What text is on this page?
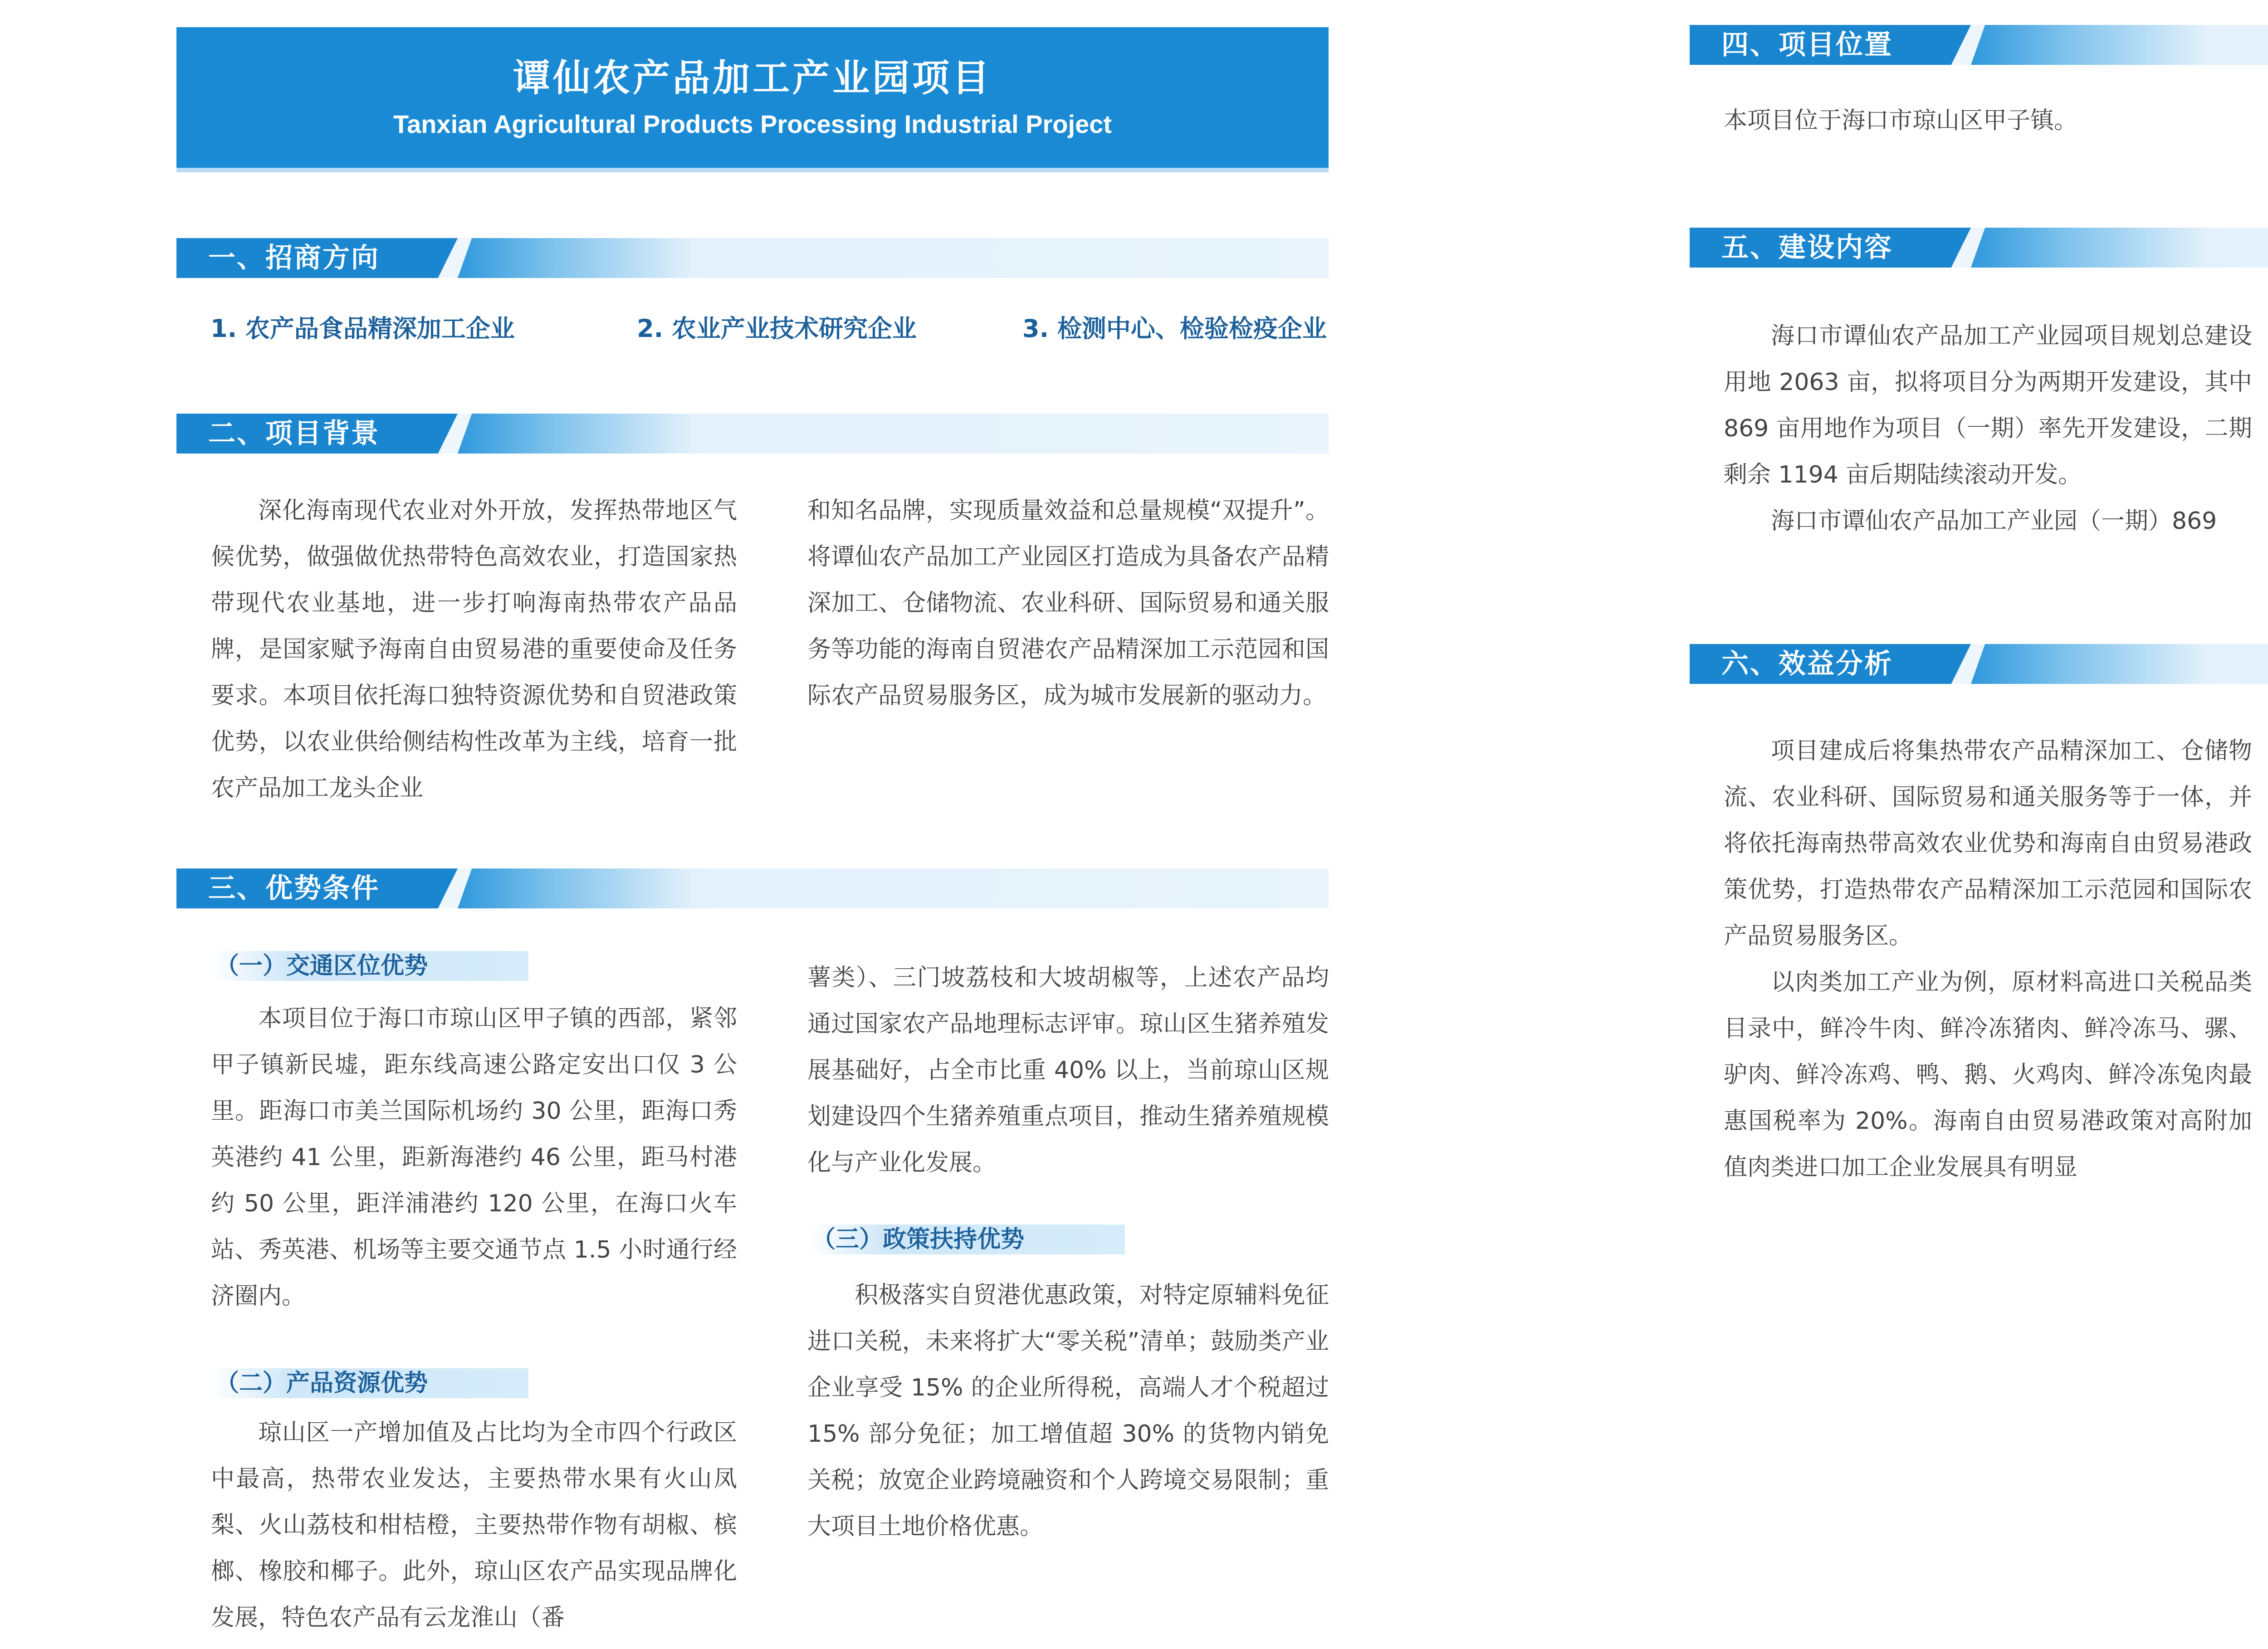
谭仙农产品加工产业园项目
Tanxian Agricultural Products Processing Industrial Project
一、招商方向
1. 农产品食品精深加工企业	2. 农业产业技术研究企业	3. 检测中心、检验检疫企业
二、项目背景

深化海南现代农业对外开放，发挥热带地区气候优势，做强做优热带特色高效农业，打造国家热带现代农业基地，进一步打响海南热带农产品品牌，是国家赋予海南自由贸易港的重要使命及任务要求。本项目依托海口独特资源优势和自贸港政策优势，以农业供给侧结构性改革为主线，培育一批农产品加工龙头企业

和知名品牌，实现质量效益和总量规模“双提升”。将谭仙农产品加工产业园区打造成为具备农产品精深加工、仓储物流、农业科研、国际贸易和通关服务等功能的海南自贸港农产品精深加工示范园和国际农产品贸易服务区，成为城市发展新的驱动力。

三、优势条件
（一）交通区位优势

本项目位于海口市琼山区甲子镇的西部，紧邻甲子镇新民墟，距东线高速公路定安出口仅 3 公里。距海口市美兰国际机场约 30 公里，距海口秀英港约 41 公里，距新海港约 46 公里，距马村港约 50 公里，距洋浦港约 120 公里，在海口火车站、秀英港、机场等主要交通节点 1.5 小时通行经济圈内。

（二）产品资源优势

琼山区一产增加值及占比均为全市四个行政区中最高，热带农业发达，主要热带水果有火山凤梨、火山荔枝和柑桔橙，主要热带作物有胡椒、槟榔、橡胶和椰子。此外，琼山区农产品实现品牌化发展，特色农产品有云龙淮山（番

薯类）、三门坡荔枝和大坡胡椒等，上述农产品均通过国家农产品地理标志评审。琼山区生猪养殖发展基础好，占全市比重 40% 以上，当前琼山区规划建设四个生猪养殖重点项目，推动生猪养殖规模化与产业化发展。

（三）政策扶持优势

积极落实自贸港优惠政策，对特定原辅料免征进口关税，未来将扩大“零关税”清单；鼓励类产业企业享受 15% 的企业所得税，高端人才个税超过 15% 部分免征；加工增值超 30% 的货物内销免关税；放宽企业跨境融资和个人跨境交易限制；重大项目土地价格优惠。

四、项目位置

本项目位于海口市琼山区甲子镇。

五、建设内容

海口市谭仙农产品加工产业园项目规划总建设用地 2063 亩，拟将项目分为两期开发建设，其中 869 亩用地作为项目（一期）率先开发建设，二期剩余 1194 亩后期陆续滚动开发。

海口市谭仙农产品加工产业园（一期）869

六、效益分析

项目建成后将集热带农产品精深加工、仓储物流、农业科研、国际贸易和通关服务等于一体，并将依托海南热带高效农业优势和海南自由贸易港政策优势，打造热带农产品精深加工示范园和国际农产品贸易服务区。

以肉类加工产业为例，原材料高进口关税品类目录中，鲜冷牛肉、鲜冷冻猪肉、鲜冷冻马、骡、驴肉、鲜冷冻鸡、鸭、鹅、火鸡肉、鲜冷冻兔肉最惠国税率为 20%。海南自由贸易港政策对高附加值肉类进口加工企业发展具有明显
